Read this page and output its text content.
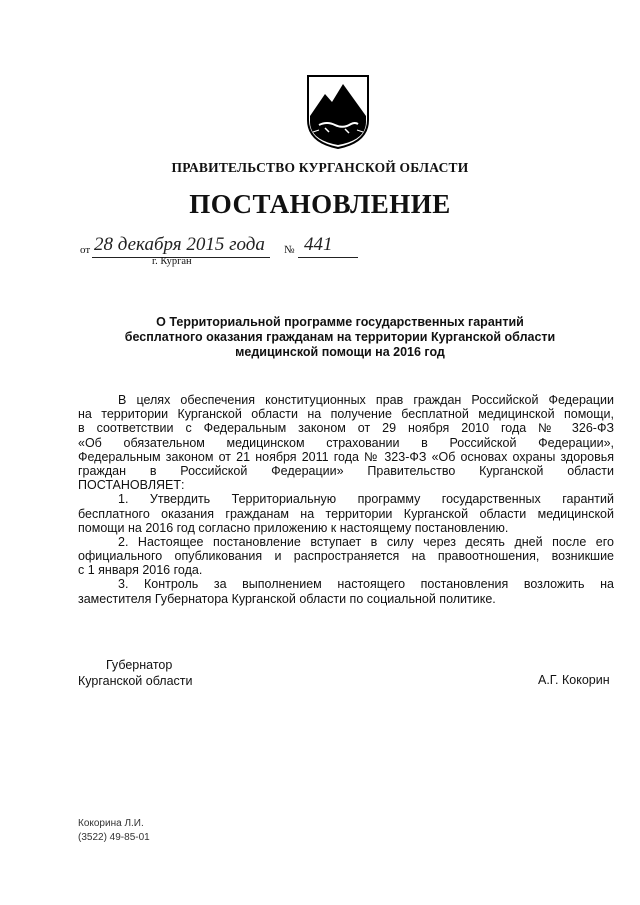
ПРАВИТЕЛЬСТВО КУРГАНСКОЙ ОБЛАСТИ
ПОСТАНОВЛЕНИЕ
от 28 декабря 2015 года № 441
г. Курган
О Территориальной программе государственных гарантий
бесплатного оказания гражданам на территории Курганской области
медицинской помощи на 2016 год
В целях обеспечения конституционных прав граждан Российской Федерации
на территории Курганской области на получение бесплатной медицинской помощи,
в соответствии с Федеральным законом от 29 ноября 2010 года № 326-ФЗ
«Об обязательном медицинском страховании в Российской Федерации»,
Федеральным законом от 21 ноября 2011 года № 323-ФЗ «Об основах охраны здоровья
граждан в Российской Федерации» Правительство Курганской области
ПОСТАНОВЛЯЕТ:
1. Утвердить Территориальную программу государственных гарантий
бесплатного оказания гражданам на территории Курганской области медицинской
помощи на 2016 год согласно приложению к настоящему постановлению.
2. Настоящее постановление вступает в силу через десять дней после его
официального опубликования и распространяется на правоотношения, возникшие
с 1 января 2016 года.
3. Контроль за выполнением настоящего постановления возложить на
заместителя Губернатора Курганской области по социальной политике.
Губернатор
Курганской области	А.Г. Кокорин
Кокорина Л.И.
(3522) 49-85-01
